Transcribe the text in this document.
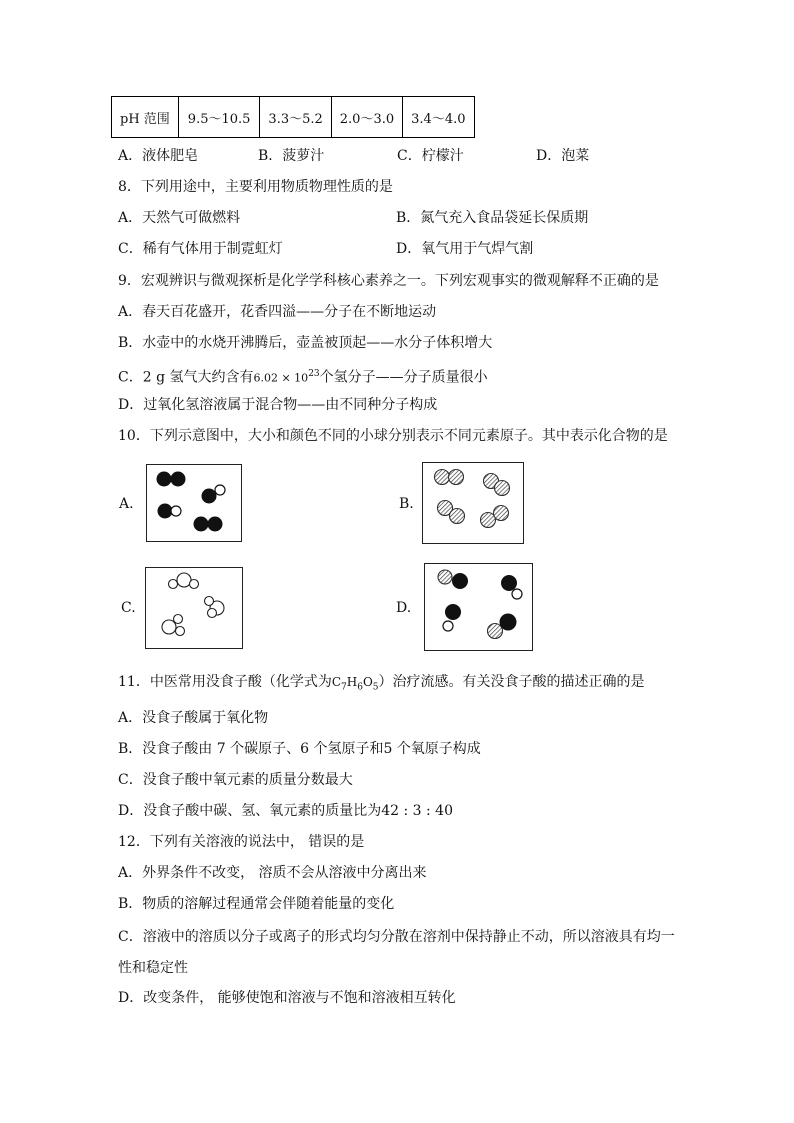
pH 范围	9.5～10.5	3.3～5.2	2.0～3.0	3.4～4.0
A．液体肥皂	B．菠萝汁	C．柠檬汁	D．泡菜
8．下列用途中，主要利用物质物理性质的是
A．天然气可做燃料	B．氮气充入食品袋延长保质期
C．稀有气体用于制霓虹灯	D．氧气用于气焊气割
9．宏观辨识与微观探析是化学学科核心素养之一。下列宏观事实的微观解释不正确的是
A．春天百花盛开，花香四溢——分子在不断地运动
B．水壶中的水烧开沸腾后，壶盖被顶起——水分子体积增大
C．2 g 氢气大约含有$6.02 \times 10^{23}$个氢分子——分子质量很小
D．过氧化氢溶液属于混合物——由不同种分子构成
10．下列示意图中，大小和颜色不同的小球分别表示不同元素原子。其中表示化合物的是
A.	B.
C.	D.
11．中医常用没食子酸（化学式为$C_7H_6O_5$）治疗流感。有关没食子酸的描述正确的是
A．没食子酸属于氧化物
B．没食子酸由 7 个碳原子、6 个氢原子和5 个氧原子构成
C．没食子酸中氧元素的质量分数最大
D．没食子酸中碳、氢、氧元素的质量比为42 : 3 : 40
12．下列有关溶液的说法中， 错误的是
A．外界条件不改变， 溶质不会从溶液中分离出来
B．物质的溶解过程通常会伴随着能量的变化
C．溶液中的溶质以分子或离子的形式均匀分散在溶剂中保持静止不动，所以溶液具有均一
性和稳定性
D．改变条件， 能够使饱和溶液与不饱和溶液相互转化
